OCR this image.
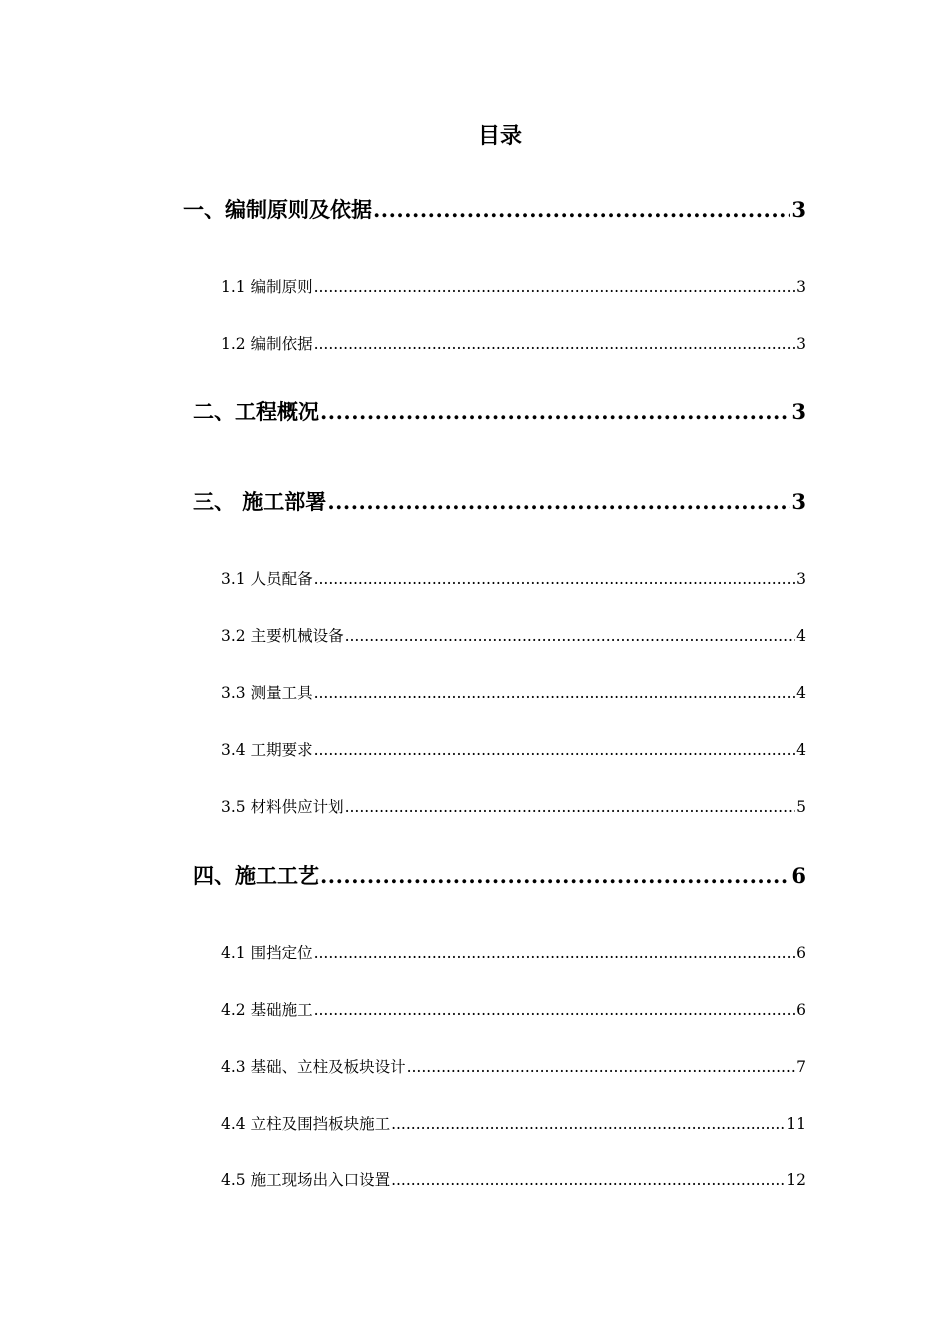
目录
一、编制原则及依据 .....	3
1.1 编制原则 .....	3
1.2 编制依据 .....	3
二、工程概况 .....	3
三、 施工部署 .....	3
3.1 人员配备 .....	3
3.2 主要机械设备 .....	4
3.3 测量工具 .....	4
3.4 工期要求 .....	4
3.5 材料供应计划 .....	5
四、施工工艺 .....	6
4.1 围挡定位 .....	6
4.2 基础施工 .....	6
4.3 基础、立柱及板块设计 .....	7
4.4 立柱及围挡板块施工 .....	11
4.5 施工现场出入口设置 .....	12
